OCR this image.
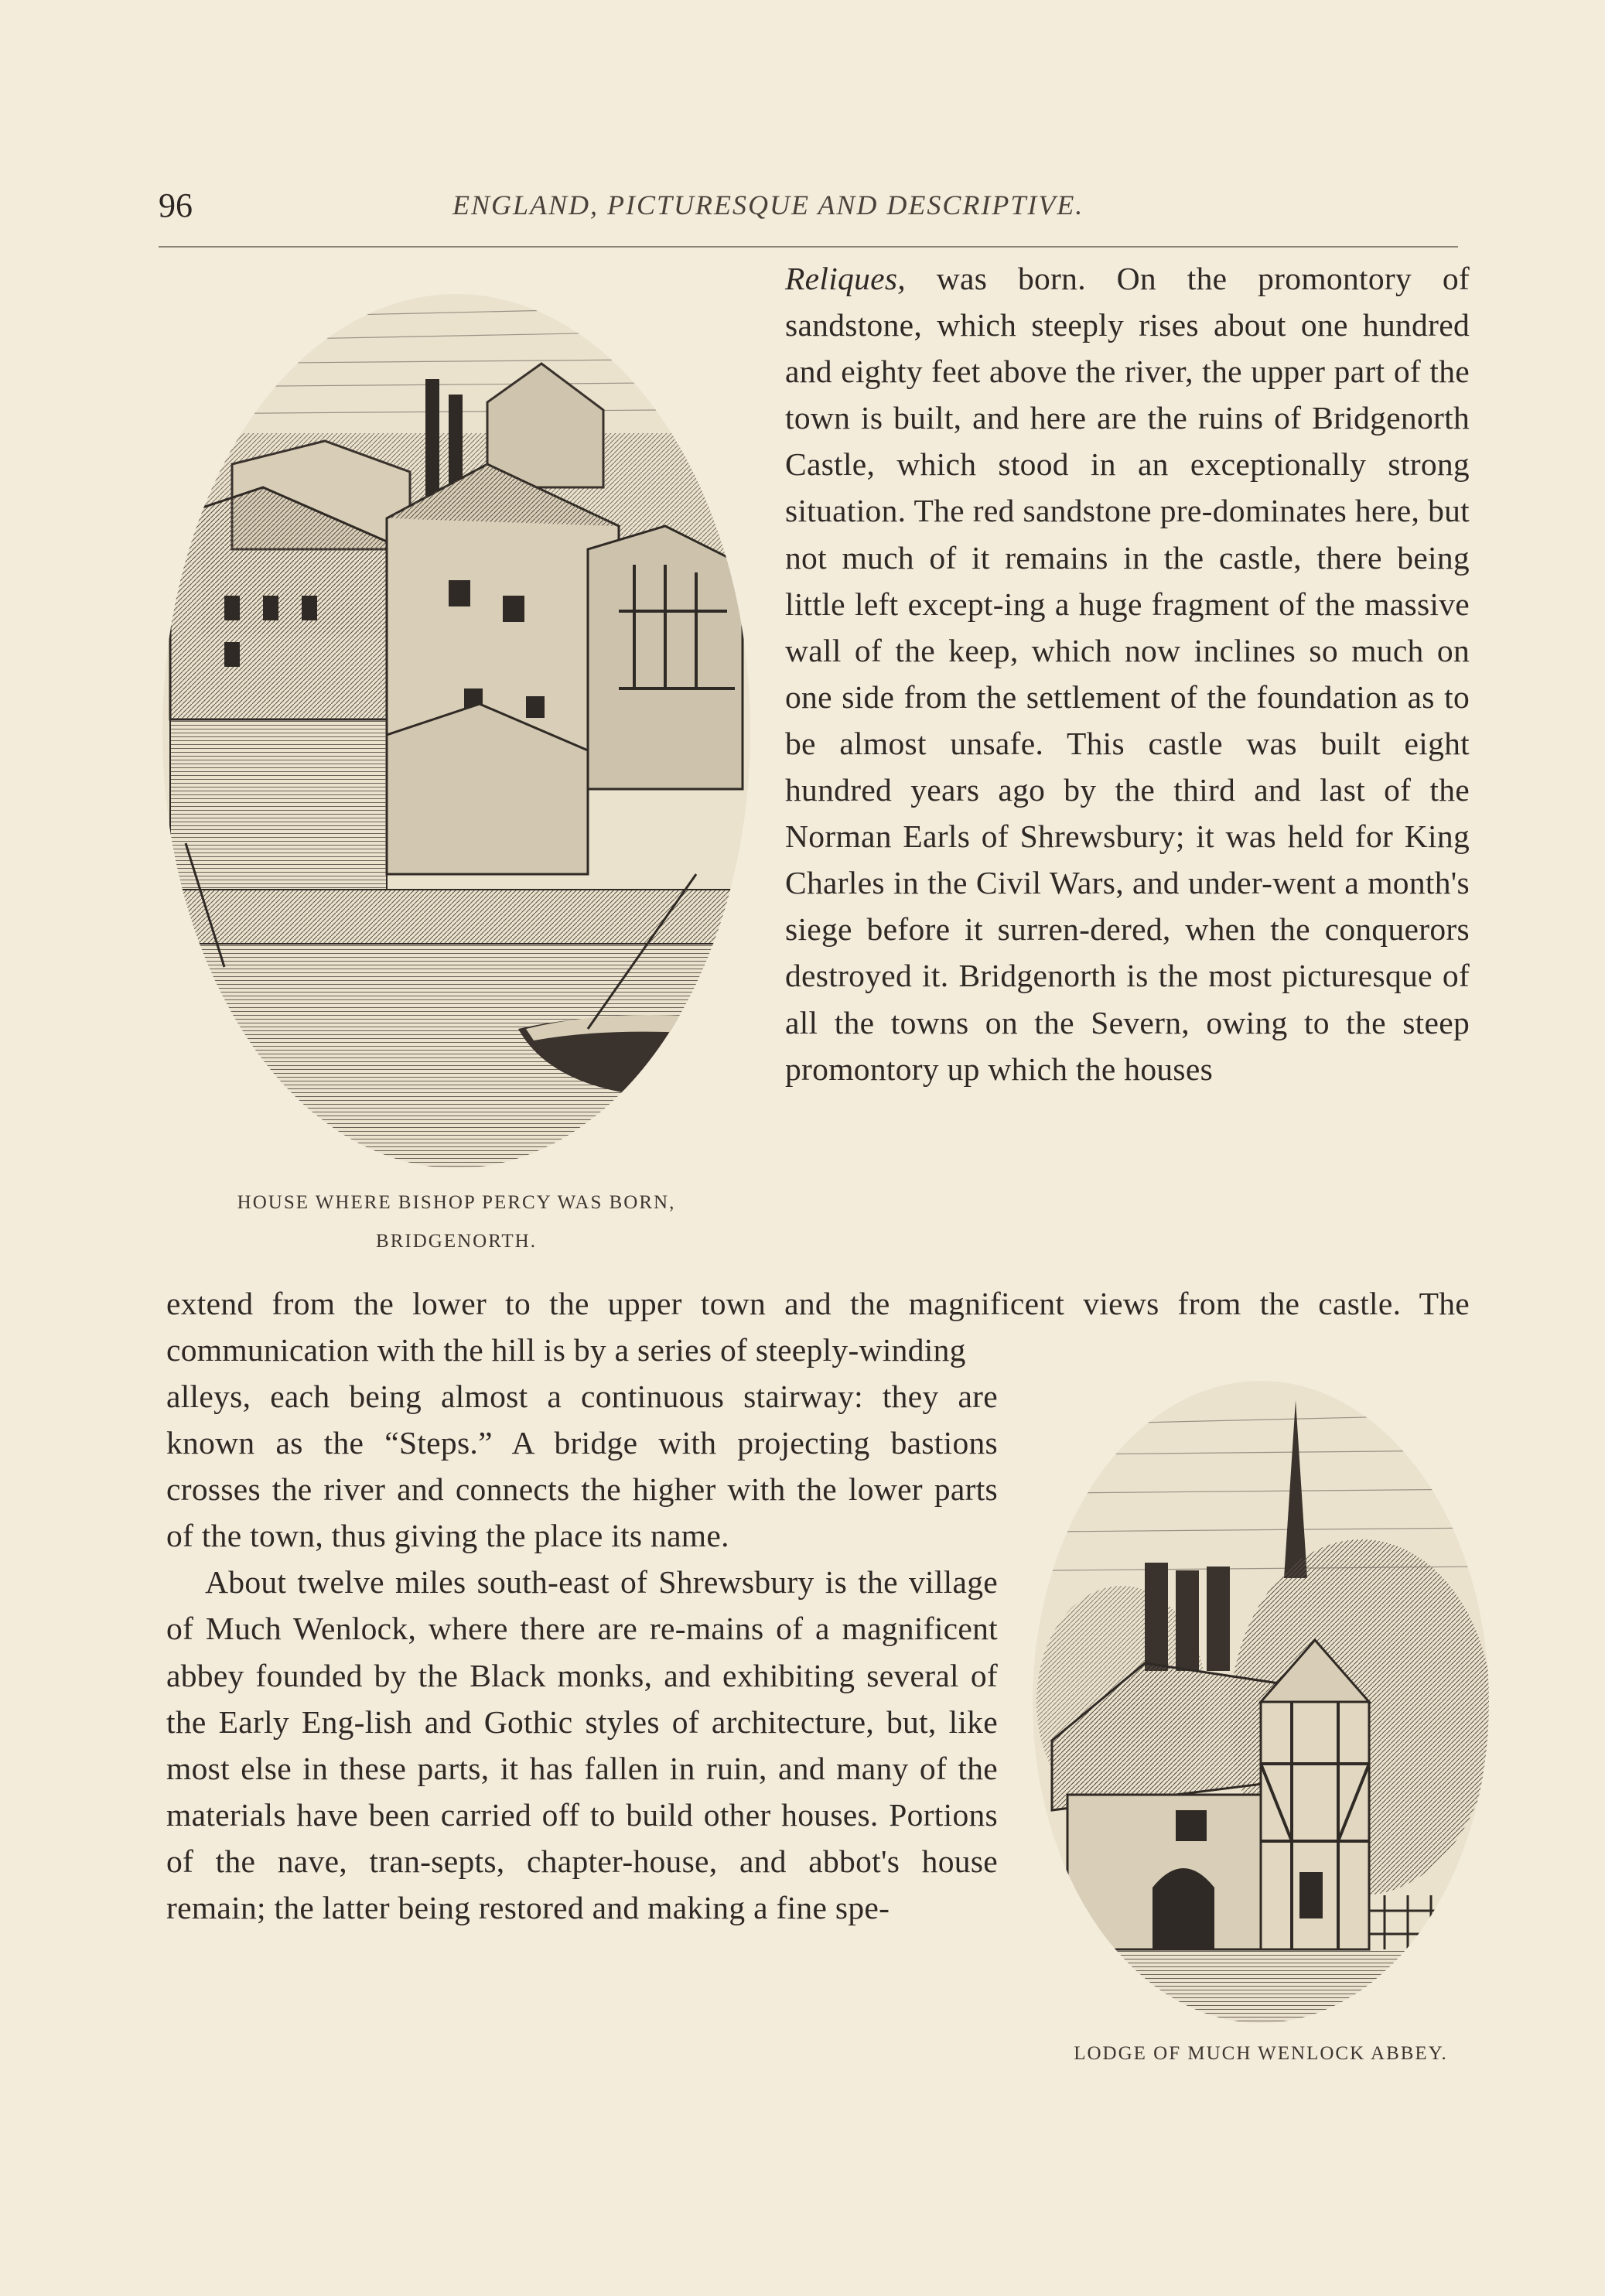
96	ENGLAND, PICTURESQUE AND DESCRIPTIVE.
HOUSE WHERE BISHOP PERCY WAS BORN,
BRIDGENORTH.

Reliques, was born. On the promontory of sandstone, which steeply rises about one hundred and eighty feet above the river, the upper part of the town is built, and here are the ruins of Bridgenorth Castle, which stood in an exceptionally strong situation. The red sandstone pre-dominates here, but not much of it remains in the castle, there being little left except-ing a huge fragment of the massive wall of the keep, which now inclines so much on one side from the settlement of the foundation as to be almost unsafe. This castle was built eight hundred years ago by the third and last of the Norman Earls of Shrewsbury; it was held for King Charles in the Civil Wars, and under-went a month's siege before it surren-dered, when the conquerors destroyed it. Bridgenorth is the most picturesque of all the towns on the Severn, owing to the steep promontory up which the houses

extend from the lower to the upper town and the magnificent views from the castle. The communication with the hill is by a series of steeply-winding

alleys, each being almost a continuous stairway: they are known as the “Steps.” A bridge with projecting bastions crosses the river and connects the higher with the lower parts of the town, thus giving the place its name.

About twelve miles south-east of Shrewsbury is the village of Much Wenlock, where there are re-mains of a magnificent abbey founded by the Black monks, and exhibiting several of the Early Eng-lish and Gothic styles of architecture, but, like most else in these parts, it has fallen in ruin, and many of the materials have been carried off to build other houses. Portions of the nave, tran-septs, chapter-house, and abbot's house remain; the latter being restored and making a fine spe-

LODGE OF MUCH WENLOCK ABBEY.
